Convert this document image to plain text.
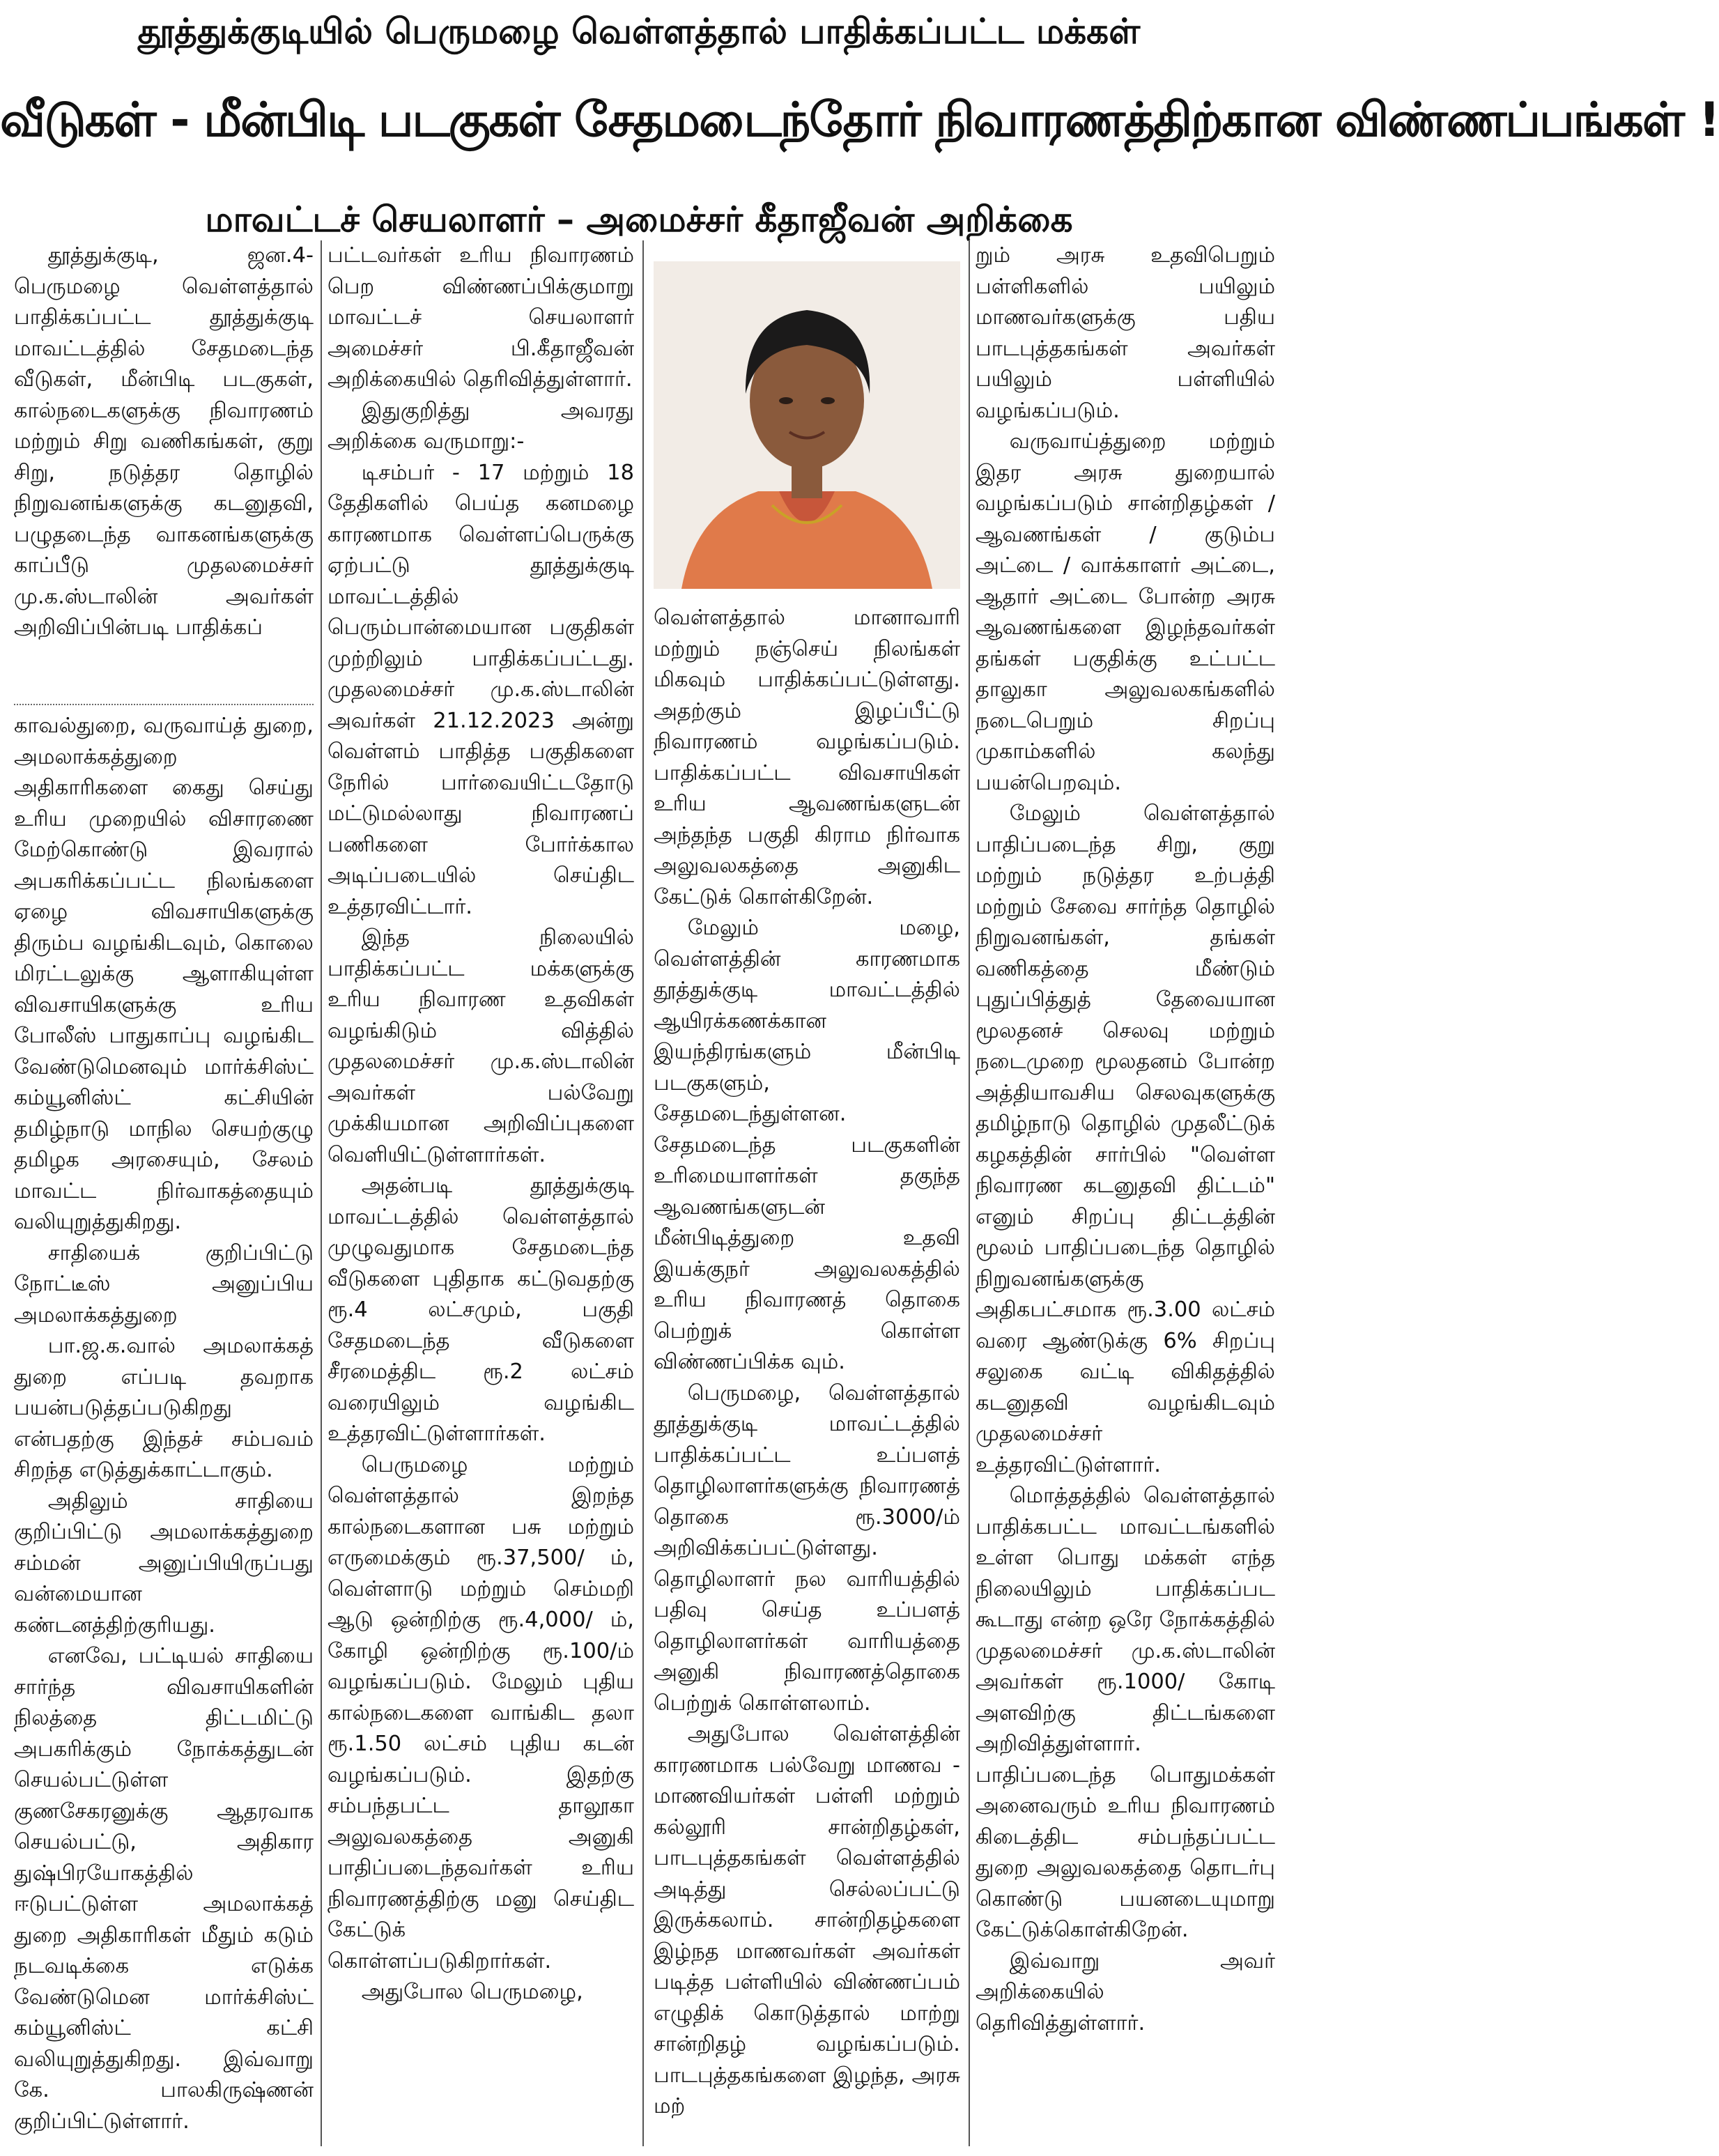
தூத்துக்குடியில் பெருமழை வெள்ளத்தால் பாதிக்கப்பட்ட மக்கள்
வீடுகள் - மீன்பிடி படகுகள் சேதமடைந்தோர் நிவாரணத்திற்கான விண்ணப்பங்கள் !
மாவட்டச் செயலாளர் – அமைச்சர் கீதாஜீவன் அறிக்கை

தூத்துக்குடி, ஜன.4- பெருமழை வெள்ளத்தால் பாதிக்கப்பட்ட தூத்துக்குடி மாவட்டத்தில் சேதமடைந்த வீடுகள், மீன்பிடி படகுகள், கால்நடைகளுக்கு நிவாரணம் மற்றும் சிறு வணிகங்கள், குறு சிறு, நடுத்தர தொழில் நிறுவனங்களுக்கு கடனுதவி, பழுதடைந்த வாகனங்களுக்கு காப்பீடு முதலமைச்சர் மு.க.ஸ்டாலின் அவர்கள் அறிவிப்பின்படி பாதிக்கப்

காவல்துறை, வருவாய்த் துறை, அமலாக்கத்துறை அதிகாரிகளை கைது செய்து உரிய முறையில் விசாரணை மேற்கொண்டு இவரால் அபகரிக்கப்பட்ட நிலங்களை ஏழை விவசாயிகளுக்கு திரும்ப வழங்கிடவும், கொலை மிரட்டலுக்கு ஆளாகியுள்ள விவசாயிகளுக்கு உரிய போலீஸ் பாதுகாப்பு வழங்கிட வேண்டுமெனவும் மார்க்சிஸ்ட் கம்யூனிஸ்ட் கட்சியின் தமிழ்நாடு மாநில செயற்குழு தமிழக அரசையும், சேலம் மாவட்ட நிர்வாகத்தையும் வலியுறுத்துகிறது.

சாதியைக் குறிப்பிட்டு நோட்டீஸ் அனுப்பிய அமலாக்கத்துறை

பா.ஜ.க.வால் அமலாக்கத் துறை எப்படி தவறாக பயன்படுத்தப்படுகிறது என்பதற்கு இந்தச் சம்பவம் சிறந்த எடுத்துக்காட்டாகும்.

அதிலும் சாதியை குறிப்பிட்டு அமலாக்கத்துறை சம்மன் அனுப்பியிருப்பது வன்மையான கண்டனத்திற்குரியது.

எனவே, பட்டியல் சாதியை சார்ந்த விவசாயிகளின் நிலத்தை திட்டமிட்டு அபகரிக்கும் நோக்கத்துடன் செயல்பட்டுள்ள குணசேகரனுக்கு ஆதரவாக செயல்பட்டு, அதிகார துஷ்பிரயோகத்தில் ஈடுபட்டுள்ள அமலாக்கத் துறை அதிகாரிகள் மீதும் கடும் நடவடிக்கை எடுக்க வேண்டுமென மார்க்சிஸ்ட் கம்யூனிஸ்ட் கட்சி வலியுறுத்துகிறது. இவ்வாறு கே. பாலகிருஷ்ணன் குறிப்பிட்டுள்ளார்.

பட்டவர்கள் உரிய நிவாரணம் பெற விண்ணப்பிக்குமாறு மாவட்டச் செயலாளர் அமைச்சர் பி.கீதாஜீவன் அறிக்கையில் தெரிவித்துள்ளார்.

இதுகுறித்து அவரது அறிக்கை வருமாறு:-

டிசம்பர் - 17 மற்றும் 18 தேதிகளில் பெய்த கனமழை காரணமாக வெள்ளப்பெருக்கு ஏற்பட்டு தூத்துக்குடி மாவட்டத்தில் பெரும்பான்மையான பகுதிகள் முற்றிலும் பாதிக்கப்பட்டது. முதலமைச்சர் மு.க.ஸ்டாலின் அவர்கள் 21.12.2023 அன்று வெள்ளம் பாதித்த பகுதிகளை நேரில் பார்வையிட்டதோடு மட்டுமல்லாது நிவாரணப் பணிகளை போர்க்கால அடிப்படையில் செய்திட உத்தரவிட்டார்.

இந்த நிலையில் பாதிக்கப்பட்ட மக்களுக்கு உரிய நிவாரண உதவிகள் வழங்கிடும் வித்தில் முதலமைச்சர் மு.க.ஸ்டாலின் அவர்கள் பல்வேறு முக்கியமான அறிவிப்புகளை வெளியிட்டுள்ளார்கள்.

அதன்படி தூத்துக்குடி மாவட்டத்தில் வெள்ளத்தால் முழுவதுமாக சேதமடைந்த வீடுகளை புதிதாக கட்டுவதற்கு ரூ.4 லட்சமும், பகுதி சேதமடைந்த வீடுகளை சீரமைத்திட ரூ.2 லட்சம் வரையிலும் வழங்கிட உத்தரவிட்டுள்ளார்கள்.

பெருமழை மற்றும் வெள்ளத்தால் இறந்த கால்நடைகளான பசு மற்றும் எருமைக்கும் ரூ.37,500/ ம், வெள்ளாடு மற்றும் செம்மறி ஆடு ஒன்றிற்கு ரூ.4,000/ ம், கோழி ஒன்றிற்கு ரூ.100/ம் வழங்கப்படும். மேலும் புதிய கால்நடைகளை வாங்கிட தலா ரூ.1.50 லட்சம் புதிய கடன் வழங்கப்படும். இதற்கு சம்பந்தபட்ட தாலூகா அலுவலகத்தை அனுகி பாதிப்படைந்தவர்கள் உரிய நிவாரணத்திற்கு மனு செய்திட கேட்டுக் கொள்ளப்படுகிறார்கள்.

அதுபோல பெருமழை,

வெள்ளத்தால் மானாவாரி மற்றும் நஞ்செய் நிலங்கள் மிகவும் பாதிக்கப்பட்டுள்ளது. அதற்கும் இழப்பீட்டு நிவாரணம் வழங்கப்படும். பாதிக்கப்பட்ட விவசாயிகள் உரிய ஆவணங்களுடன் அந்தந்த பகுதி கிராம நிர்வாக அலுவலகத்தை அனுகிட கேட்டுக் கொள்கிறேன்.

மேலும் மழை, வெள்ளத்தின் காரணமாக தூத்துக்குடி மாவட்டத்தில் ஆயிரக்கணக்கான இயந்திரங்களும் மீன்பிடி படகுகளும், சேதமடைந்துள்ளன. சேதமடைந்த படகுகளின் உரிமையாளர்கள் தகுந்த ஆவணங்களுடன் மீன்பிடித்துறை உதவி இயக்குநர் அலுவலகத்தில் உரிய நிவாரணத் தொகை பெற்றுக் கொள்ள விண்ணப்பிக்க வும்.

பெருமழை, வெள்ளத்தால் தூத்துக்குடி மாவட்டத்தில் பாதிக்கப்பட்ட உப்பளத் தொழிலாளர்களுக்கு நிவாரணத் தொகை ரூ.3000/ம் அறிவிக்கப்பட்டுள்ளது. தொழிலாளர் நல வாரியத்தில் பதிவு செய்த உப்பளத் தொழிலாளர்கள் வாரியத்தை அனுகி நிவாரணத்தொகை பெற்றுக் கொள்ளலாம்.

அதுபோல வெள்ளத்தின் காரணமாக பல்வேறு மாணவ - மாணவியர்கள் பள்ளி மற்றும் கல்லூரி சான்றிதழ்கள், பாடபுத்தகங்கள் வெள்ளத்தில் அடித்து செல்லப்பட்டு இருக்கலாம். சான்றிதழ்களை இழ்நத மாணவர்கள் அவர்கள் படித்த பள்ளியில் விண்ணப்பம் எழுதிக் கொடுத்தால் மாற்று சான்றிதழ் வழங்கப்படும். பாடபுத்தகங்களை இழந்த, அரசு மற்

றும் அரசு உதவிபெறும் பள்ளிகளில் பயிலும் மாணவர்களுக்கு பதிய பாடபுத்தகங்கள் அவர்கள் பயிலும் பள்ளியில் வழங்கப்படும்.

வருவாய்த்துறை மற்றும் இதர அரசு துறையால் வழங்கப்படும் சான்றிதழ்கள் / ஆவணங்கள் / குடும்ப அட்டை / வாக்காளர் அட்டை, ஆதார் அட்டை போன்ற அரசு ஆவணங்களை இழந்தவர்கள் தங்கள் பகுதிக்கு உட்பட்ட தாலுகா அலுவலகங்களில் நடைபெறும் சிறப்பு முகாம்களில் கலந்து பயன்பெறவும்.

மேலும் வெள்ளத்தால் பாதிப்படைந்த சிறு, குறு மற்றும் நடுத்தர உற்பத்தி மற்றும் சேவை சார்ந்த தொழில் நிறுவனங்கள், தங்கள் வணிகத்தை மீண்டும் புதுப்பித்துத் தேவையான மூலதனச் செலவு மற்றும் நடைமுறை மூலதனம் போன்ற அத்தியாவசிய செலவுகளுக்கு தமிழ்நாடு தொழில் முதலீட்டுக் கழகத்தின் சார்பில் "வெள்ள நிவாரண கடனுதவி திட்டம்" எனும் சிறப்பு திட்டத்தின் மூலம் பாதிப்படைந்த தொழில் நிறுவனங்களுக்கு அதிகபட்சமாக ரூ.3.00 லட்சம் வரை ஆண்டுக்கு 6% சிறப்பு சலுகை வட்டி விகிதத்தில் கடனுதவி வழங்கிடவும் முதலமைச்சர் உத்தரவிட்டுள்ளார்.

மொத்தத்தில் வெள்ளத்தால் பாதிக்கபட்ட மாவட்டங்களில் உள்ள பொது மக்கள் எந்த நிலையிலும் பாதிக்கப்பட கூடாது என்ற ஒரே நோக்கத்தில் முதலமைச்சர் மு.க.ஸ்டாலின் அவர்கள் ரூ.1000/ கோடி அளவிற்கு திட்டங்களை அறிவித்துள்ளார். பாதிப்படைந்த பொதுமக்கள் அனைவரும் உரிய நிவாரணம் கிடைத்திட சம்பந்தப்பட்ட துறை அலுவலகத்தை தொடர்பு கொண்டு பயனடையுமாறு கேட்டுக்கொள்கிறேன்.

இவ்வாறு அவர் அறிக்கையில் தெரிவித்துள்ளார்.
